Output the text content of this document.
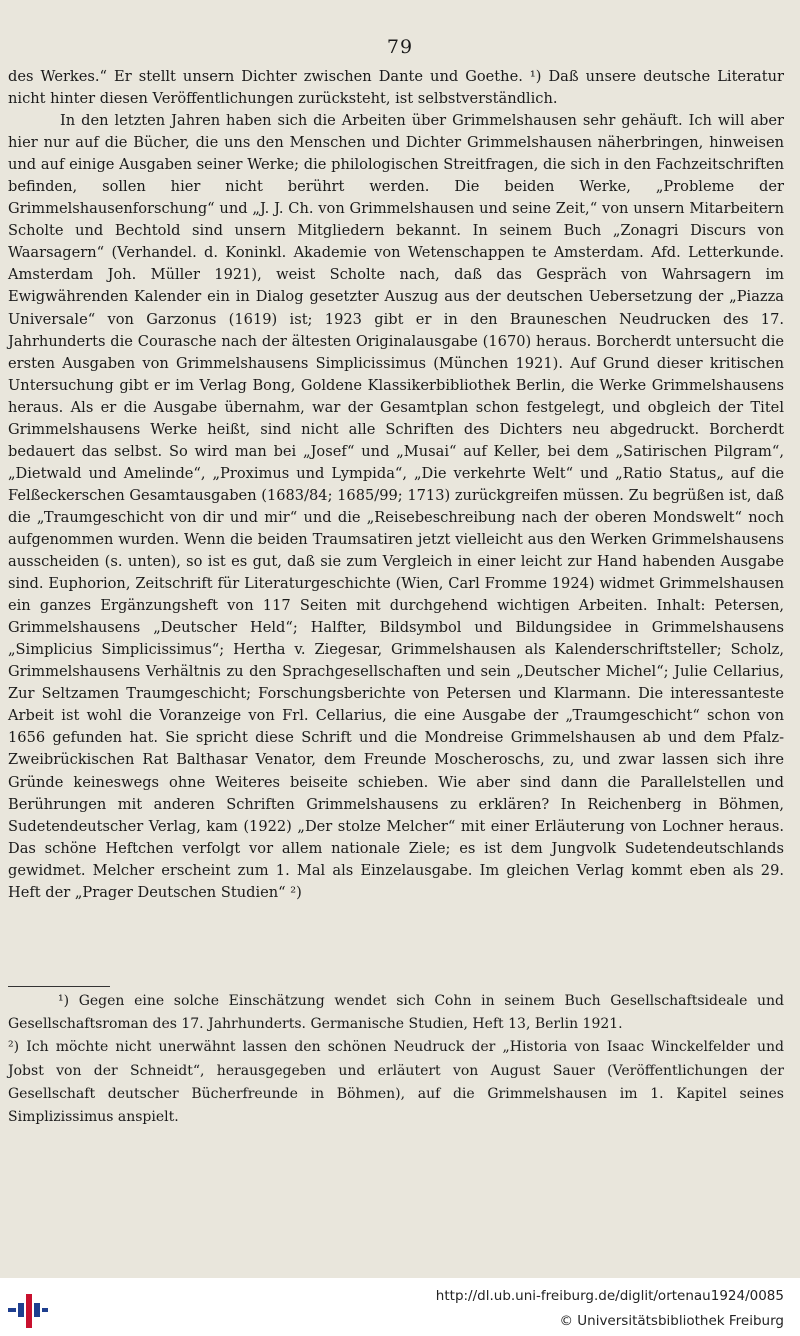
79

des Werkes.“ Er stellt unsern Dichter zwischen Dante und Goethe. ¹) Daß unsere deutsche Literatur nicht hinter diesen Veröffentlichungen zurücksteht, ist selbstverständlich.

In den letzten Jahren haben sich die Arbeiten über Grimmelshausen sehr gehäuft. Ich will aber hier nur auf die Bücher, die uns den Menschen und Dichter Grimmelshausen näherbringen, hinweisen und auf einige Ausgaben seiner Werke; die philologischen Streitfragen, die sich in den Fachzeitschriften befinden, sollen hier nicht berührt werden. Die beiden Werke, „Probleme der Grimmelshausenforschung“ und „J. J. Ch. von Grimmelshausen und seine Zeit,“ von unsern Mitarbeitern Scholte und Bechtold sind unsern Mitgliedern bekannt. In seinem Buch „Zonagri Discurs von Waarsagern“ (Verhandel. d. Koninkl. Akademie von Wetenschappen te Amsterdam. Afd. Letterkunde. Amsterdam Joh. Müller 1921), weist Scholte nach, daß das Gespräch von Wahrsagern im Ewigwährenden Kalender ein in Dialog gesetzter Auszug aus der deutschen Uebersetzung der „Piazza Universale“ von Garzonus (1619) ist; 1923 gibt er in den Brauneschen Neudrucken des 17. Jahrhunderts die Courasche nach der ältesten Originalausgabe (1670) heraus. Borcherdt untersucht die ersten Ausgaben von Grimmelshausens Simplicissimus (München 1921). Auf Grund dieser kritischen Untersuchung gibt er im Verlag Bong, Goldene Klassikerbibliothek Berlin, die Werke Grimmelshausens heraus. Als er die Ausgabe übernahm, war der Gesamtplan schon festgelegt, und obgleich der Titel Grimmelshausens Werke heißt, sind nicht alle Schriften des Dichters neu abgedruckt. Borcherdt bedauert das selbst. So wird man bei „Josef“ und „Musai“ auf Keller, bei dem „Satirischen Pilgram“, „Dietwald und Amelinde“, „Proximus und Lympida“, „Die verkehrte Welt“ und „Ratio Status„ auf die Felßeckerschen Gesamtausgaben (1683/84; 1685/99; 1713) zurückgreifen müssen. Zu begrüßen ist, daß die „Traumgeschicht von dir und mir“ und die „Reisebeschreibung nach der oberen Mondswelt“ noch aufgenommen wurden. Wenn die beiden Traumsatiren jetzt vielleicht aus den Werken Grimmelshausens ausscheiden (s. unten), so ist es gut, daß sie zum Vergleich in einer leicht zur Hand habenden Ausgabe sind. Euphorion, Zeitschrift für Literaturgeschichte (Wien, Carl Fromme 1924) widmet Grimmelshausen ein ganzes Ergänzungsheft von 117 Seiten mit durchgehend wichtigen Arbeiten. Inhalt: Petersen, Grimmelshausens „Deutscher Held“; Halfter, Bildsymbol und Bildungsidee in Grimmelshausens „Simplicius Simplicissimus“; Hertha v. Ziegesar, Grimmelshausen als Kalenderschriftsteller; Scholz, Grimmelshausens Verhältnis zu den Sprachgesellschaften und sein „Deutscher Michel“; Julie Cellarius, Zur Seltzamen Traumgeschicht; Forschungsberichte von Petersen und Klarmann. Die interessanteste Arbeit ist wohl die Voranzeige von Frl. Cellarius, die eine Ausgabe der „Traumgeschicht“ schon von 1656 gefunden hat. Sie spricht diese Schrift und die Mondreise Grimmelshausen ab und dem Pfalz-Zweibrückischen Rat Balthasar Venator, dem Freunde Moscheroschs, zu, und zwar lassen sich ihre Gründe keineswegs ohne Weiteres beiseite schieben. Wie aber sind dann die Parallelstellen und Berührungen mit anderen Schriften Grimmelshausens zu erklären? In Reichenberg in Böhmen, Sudetendeutscher Verlag, kam (1922) „Der stolze Melcher“ mit einer Erläuterung von Lochner heraus. Das schöne Heftchen verfolgt vor allem nationale Ziele; es ist dem Jungvolk Sudetendeutschlands gewidmet. Melcher erscheint zum 1. Mal als Einzelausgabe. Im gleichen Verlag kommt eben als 29. Heft der „Prager Deutschen Studien“ ²)

¹) Gegen eine solche Einschätzung wendet sich Cohn in seinem Buch Gesellschaftsideale und Gesellschaftsroman des 17. Jahrhunderts. Germanische Studien, Heft 13, Berlin 1921.

²) Ich möchte nicht unerwähnt lassen den schönen Neudruck der „Historia von Isaac Winckelfelder und Jobst von der Schneidt“, herausgegeben und erläutert von August Sauer (Veröffentlichungen der Gesellschaft deutscher Bücherfreunde in Böhmen), auf die Grimmelshausen im 1. Kapitel seines Simplizissimus anspielt.

http://dl.ub.uni-freiburg.de/diglit/ortenau1924/0085
© Universitätsbibliothek Freiburg
